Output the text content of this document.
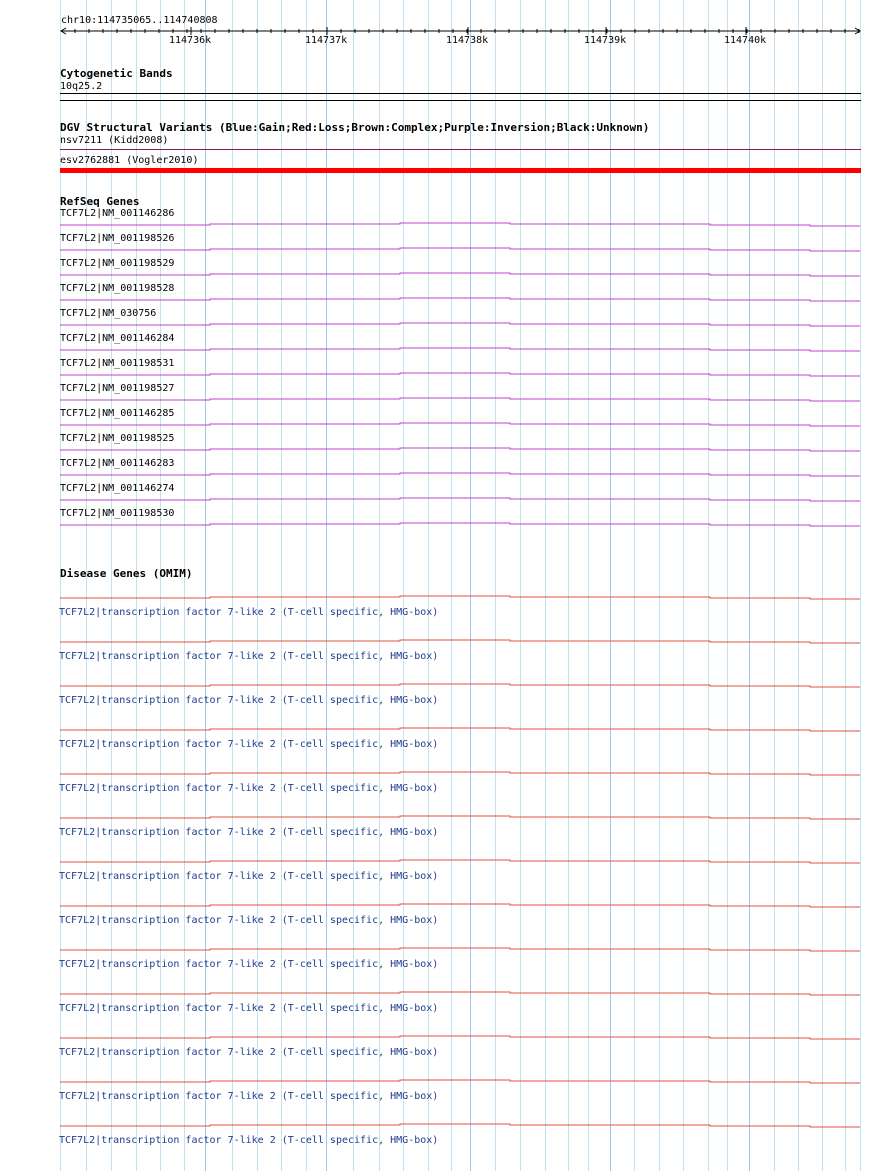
chr10:114735065..114740808
114736k	114737k	114738k	114739k	114740k
Cytogenetic Bands
10q25.2
DGV Structural Variants (Blue:Gain;Red:Loss;Brown:Complex;Purple:Inversion;Black:Unknown)
nsv7211 (Kidd2008)
esv2762881 (Vogler2010)
RefSeq Genes
TCF7L2|NM_001146286
TCF7L2|NM_001198526
TCF7L2|NM_001198529
TCF7L2|NM_001198528
TCF7L2|NM_030756
TCF7L2|NM_001146284
TCF7L2|NM_001198531
TCF7L2|NM_001198527
TCF7L2|NM_001146285
TCF7L2|NM_001198525
TCF7L2|NM_001146283
TCF7L2|NM_001146274
TCF7L2|NM_001198530
Disease Genes (OMIM)
TCF7L2|transcription factor 7-like 2 (T-cell specific, HMG-box)
TCF7L2|transcription factor 7-like 2 (T-cell specific, HMG-box)
TCF7L2|transcription factor 7-like 2 (T-cell specific, HMG-box)
TCF7L2|transcription factor 7-like 2 (T-cell specific, HMG-box)
TCF7L2|transcription factor 7-like 2 (T-cell specific, HMG-box)
TCF7L2|transcription factor 7-like 2 (T-cell specific, HMG-box)
TCF7L2|transcription factor 7-like 2 (T-cell specific, HMG-box)
TCF7L2|transcription factor 7-like 2 (T-cell specific, HMG-box)
TCF7L2|transcription factor 7-like 2 (T-cell specific, HMG-box)
TCF7L2|transcription factor 7-like 2 (T-cell specific, HMG-box)
TCF7L2|transcription factor 7-like 2 (T-cell specific, HMG-box)
TCF7L2|transcription factor 7-like 2 (T-cell specific, HMG-box)
TCF7L2|transcription factor 7-like 2 (T-cell specific, HMG-box)
